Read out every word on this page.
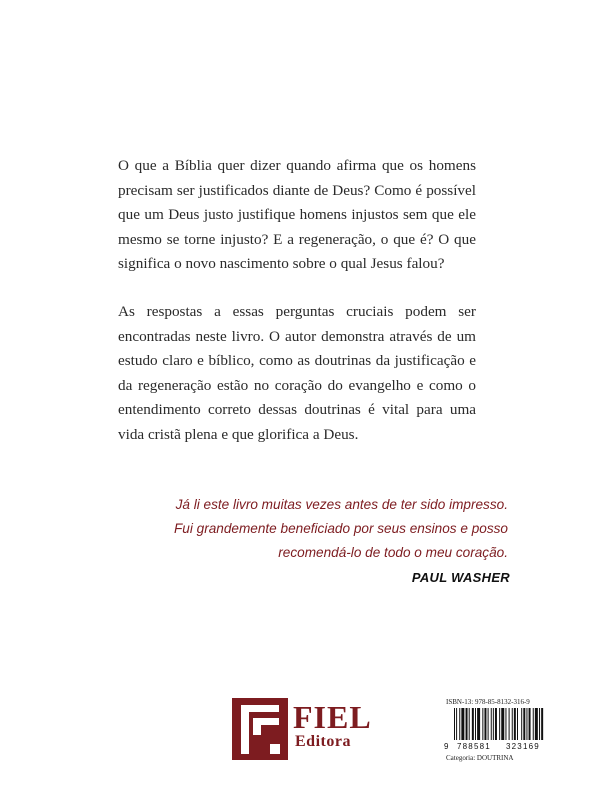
O que a Bíblia quer dizer quando afirma que os homens
precisam ser justificados diante de Deus? Como é possível
que um Deus justo justifique homens injustos sem que ele
mesmo se torne injusto? E a regeneração, o que é? O que
significa o novo nascimento sobre o qual Jesus falou?

As respostas a essas perguntas cruciais podem ser
encontradas neste livro. O autor demonstra através de um
estudo claro e bíblico, como as doutrinas da justificação e
da regeneração estão no coração do evangelho e como o
entendimento correto dessas doutrinas é vital para uma
vida cristã plena e que glorifica a Deus.

Já li este livro muitas vezes antes de ter sido impresso.
Fui grandemente beneficiado por seus ensinos e posso
recomendá-lo de todo o meu coração.

PAUL WASHER
FIEL
Editora
ISBN-13: 978-85-8132-316-9
9 788581 323169
Categoria: DOUTRINA
